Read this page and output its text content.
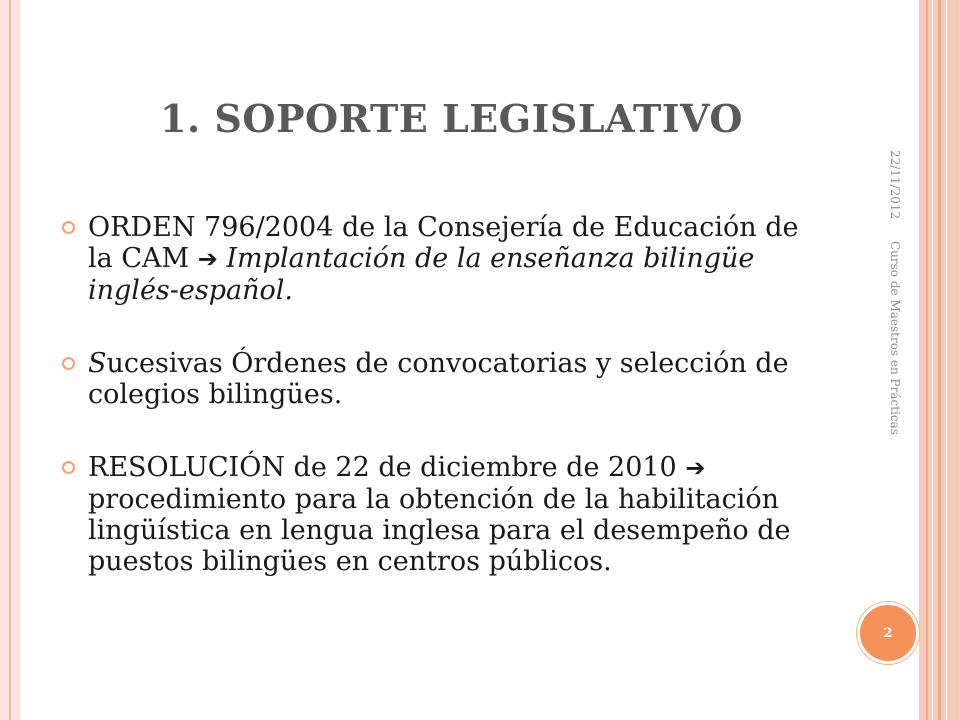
1. SOPORTE LEGISLATIVO
ORDEN 796/2004 de la Consejería de Educación de la CAM ➔ Implantación de la enseñanza bilingüe inglés-español.
Sucesivas Órdenes de convocatorias y selección de colegios bilingües.
RESOLUCIÓN de 22 de diciembre de 2010 ➔ procedimiento para la obtención de la habilitación lingüística en lengua inglesa para el desempeño de puestos bilingües en centros públicos.
22/11/2012 Curso de Maestros en Prácticas
2
